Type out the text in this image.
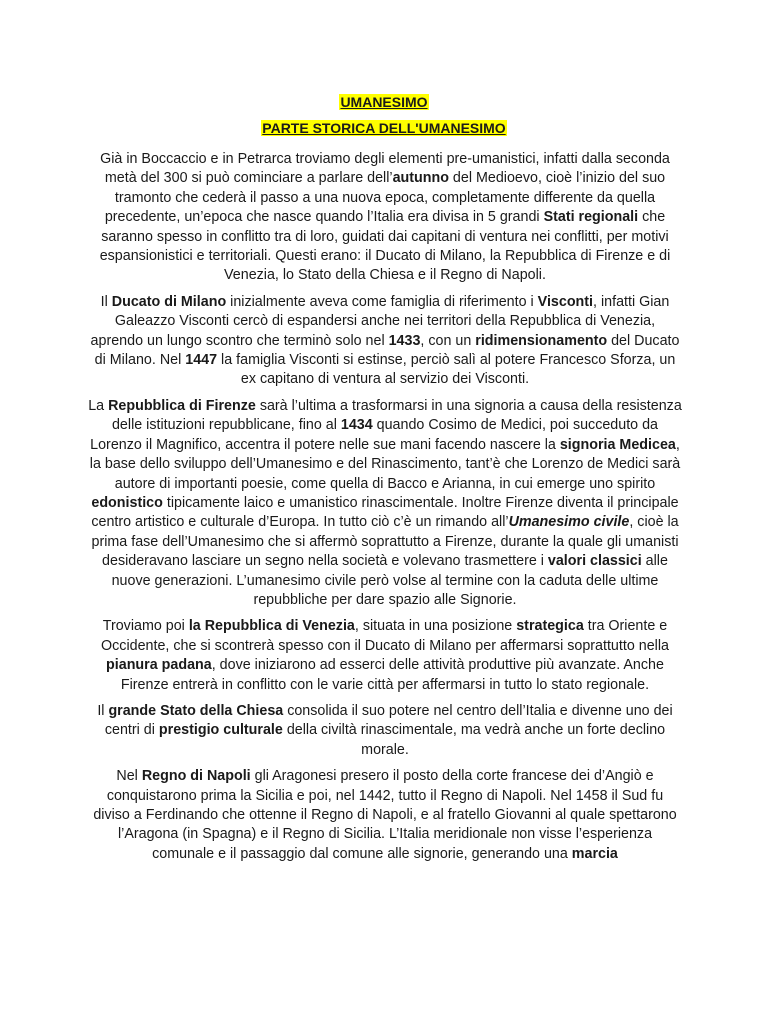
UMANESIMO
PARTE STORICA DELL'UMANESIMO

Già in Boccaccio e in Petrarca troviamo degli elementi pre-umanistici, infatti dalla seconda metà del 300 si può cominciare a parlare dell’autunno del Medioevo, cioè l’inizio del suo tramonto che cederà il passo a una nuova epoca, completamente differente da quella precedente, un’epoca che nasce quando l’Italia era divisa in 5 grandi Stati regionali che saranno spesso in conflitto tra di loro, guidati dai capitani di ventura nei conflitti, per motivi espansionistici e territoriali. Questi erano: il Ducato di Milano, la Repubblica di Firenze e di Venezia, lo Stato della Chiesa e il Regno di Napoli.

Il Ducato di Milano inizialmente aveva come famiglia di riferimento i Visconti, infatti Gian Galeazzo Visconti cercò di espandersi anche nei territori della Repubblica di Venezia, aprendo un lungo scontro che terminò solo nel 1433, con un ridimensionamento del Ducato di Milano. Nel 1447 la famiglia Visconti si estinse, perciò salì al potere Francesco Sforza, un ex capitano di ventura al servizio dei Visconti.

La Repubblica di Firenze sarà l’ultima a trasformarsi in una signoria a causa della resistenza delle istituzioni repubblicane, fino al 1434 quando Cosimo de Medici, poi succeduto da Lorenzo il Magnifico, accentra il potere nelle sue mani facendo nascere la signoria Medicea, la base dello sviluppo dell’Umanesimo e del Rinascimento, tant’è che Lorenzo de Medici sarà autore di importanti poesie, come quella di Bacco e Arianna, in cui emerge uno spirito edonistico tipicamente laico e umanistico rinascimentale. Inoltre Firenze diventa il principale centro artistico e culturale d’Europa. In tutto ciò c’è un rimando all’Umanesimo civile, cioè la prima fase dell’Umanesimo che si affermò soprattutto a Firenze, durante la quale gli umanisti desideravano lasciare un segno nella società e volevano trasmettere i valori classici alle nuove generazioni. L’umanesimo civile però volse al termine con la caduta delle ultime repubbliche per dare spazio alle Signorie.

Troviamo poi la Repubblica di Venezia, situata in una posizione strategica tra Oriente e Occidente, che si scontrerà spesso con il Ducato di Milano per affermarsi soprattutto nella pianura padana, dove iniziarono ad esserci delle attività produttive più avanzate. Anche Firenze entrerà in conflitto con le varie città per affermarsi in tutto lo stato regionale.

Il grande Stato della Chiesa consolida il suo potere nel centro dell’Italia e divenne uno dei centri di prestigio culturale della civiltà rinascimentale, ma vedrà anche un forte declino morale.

Nel Regno di Napoli gli Aragonesi presero il posto della corte francese dei d’Angiò e conquistarono prima la Sicilia e poi, nel 1442, tutto il Regno di Napoli. Nel 1458 il Sud fu diviso a Ferdinando che ottenne il Regno di Napoli, e al fratello Giovanni al quale spettarono l’Aragona (in Spagna) e il Regno di Sicilia. L’Italia meridionale non visse l’esperienza comunale e il passaggio dal comune alle signorie, generando una marcia
